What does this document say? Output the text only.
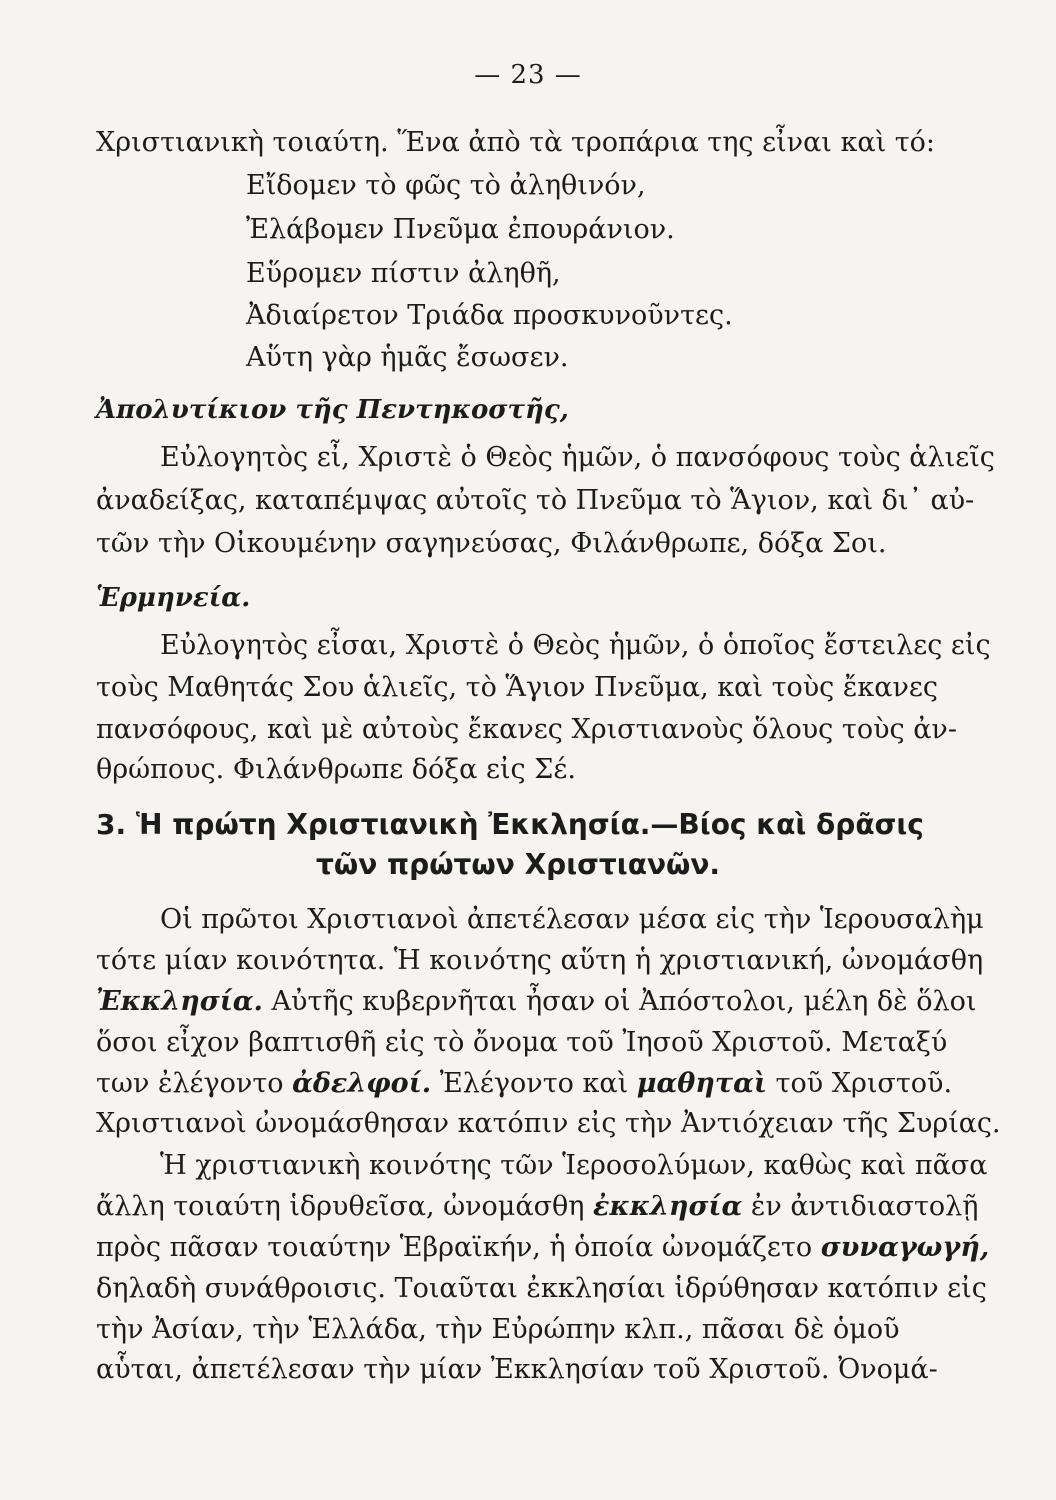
— 23 —
Χριστιανικὴ τοιαύτη. Ἕνα ἀπὸ τὰ τροπάρια της εἶναι καὶ τό:
Εἴδομεν τὸ φῶς τὸ ἀληθινόν,
Ἐλάβομεν Πνεῦμα ἐπουράνιον.
Εὕρομεν πίστιν ἀληθῆ,
Ἀδιαίρετον Τριάδα προσκυνοῦντες.
Αὕτη γὰρ ἡμᾶς ἔσωσεν.
Ἀπολυτίκιον τῆς Πεντηκοστῆς,
Εὐλογητὸς εἶ, Χριστὲ ὁ Θεὸς ἡμῶν, ὁ πανσόφους τοὺς ἁλιεῖς
ἀναδείξας, καταπέμψας αὐτοῖς τὸ Πνεῦμα τὸ Ἅγιον, καὶ δι᾽ αὐ-
τῶν τὴν Οἰκουμένην σαγηνεύσας, Φιλάνθρωπε, δόξα Σοι.
Ἑρμηνεία.
Εὐλογητὸς εἶσαι, Χριστὲ ὁ Θεὸς ἡμῶν, ὁ ὁποῖος ἔστειλες εἰς
τοὺς Μαθητάς Σου ἁλιεῖς, τὸ Ἅγιον Πνεῦμα, καὶ τοὺς ἔκανες
πανσόφους, καὶ μὲ αὐτοὺς ἔκανες Χριστιανοὺς ὅλους τοὺς ἀν-
θρώπους. Φιλάνθρωπε δόξα εἰς Σέ.
3. Ἡ πρώτη Χριστιανικὴ Ἐκκλησία.—Βίος καὶ δρᾶσις
τῶν πρώτων Χριστιανῶν.
Οἱ πρῶτοι Χριστιανοὶ ἀπετέλεσαν μέσα εἰς τὴν Ἱερουσαλὴμ
τότε μίαν κοινότητα. Ἡ κοινότης αὕτη ἡ χριστιανική, ὠνομάσθη
Ἐκκλησία. Αὐτῆς κυβερνῆται ἦσαν οἱ Ἀπόστολοι, μέλη δὲ ὅλοι
ὅσοι εἶχον βαπτισθῆ εἰς τὸ ὄνομα τοῦ Ἰησοῦ Χριστοῦ. Μεταξύ
των ἐλέγοντο ἀδελφοί. Ἐλέγοντο καὶ μαθηταὶ τοῦ Χριστοῦ.
Χριστιανοὶ ὠνομάσθησαν κατόπιν εἰς τὴν Ἀντιόχειαν τῆς Συρίας.
Ἡ χριστιανικὴ κοινότης τῶν Ἱεροσολύμων, καθὼς καὶ πᾶσα
ἄλλη τοιαύτη ἱδρυθεῖσα, ὠνομάσθη ἐκκλησία ἐν ἀντιδιαστολῇ
πρὸς πᾶσαν τοιαύτην Ἑβραϊκήν, ἡ ὁποία ὠνομάζετο συναγωγή,
δηλαδὴ συνάθροισις. Τοιαῦται ἐκκλησίαι ἱδρύθησαν κατόπιν εἰς
τὴν Ἀσίαν, τὴν Ἑλλάδα, τὴν Εὐρώπην κλπ., πᾶσαι δὲ ὁμοῦ
αὗται, ἀπετέλεσαν τὴν μίαν Ἐκκλησίαν τοῦ Χριστοῦ. Ὀνομά-
